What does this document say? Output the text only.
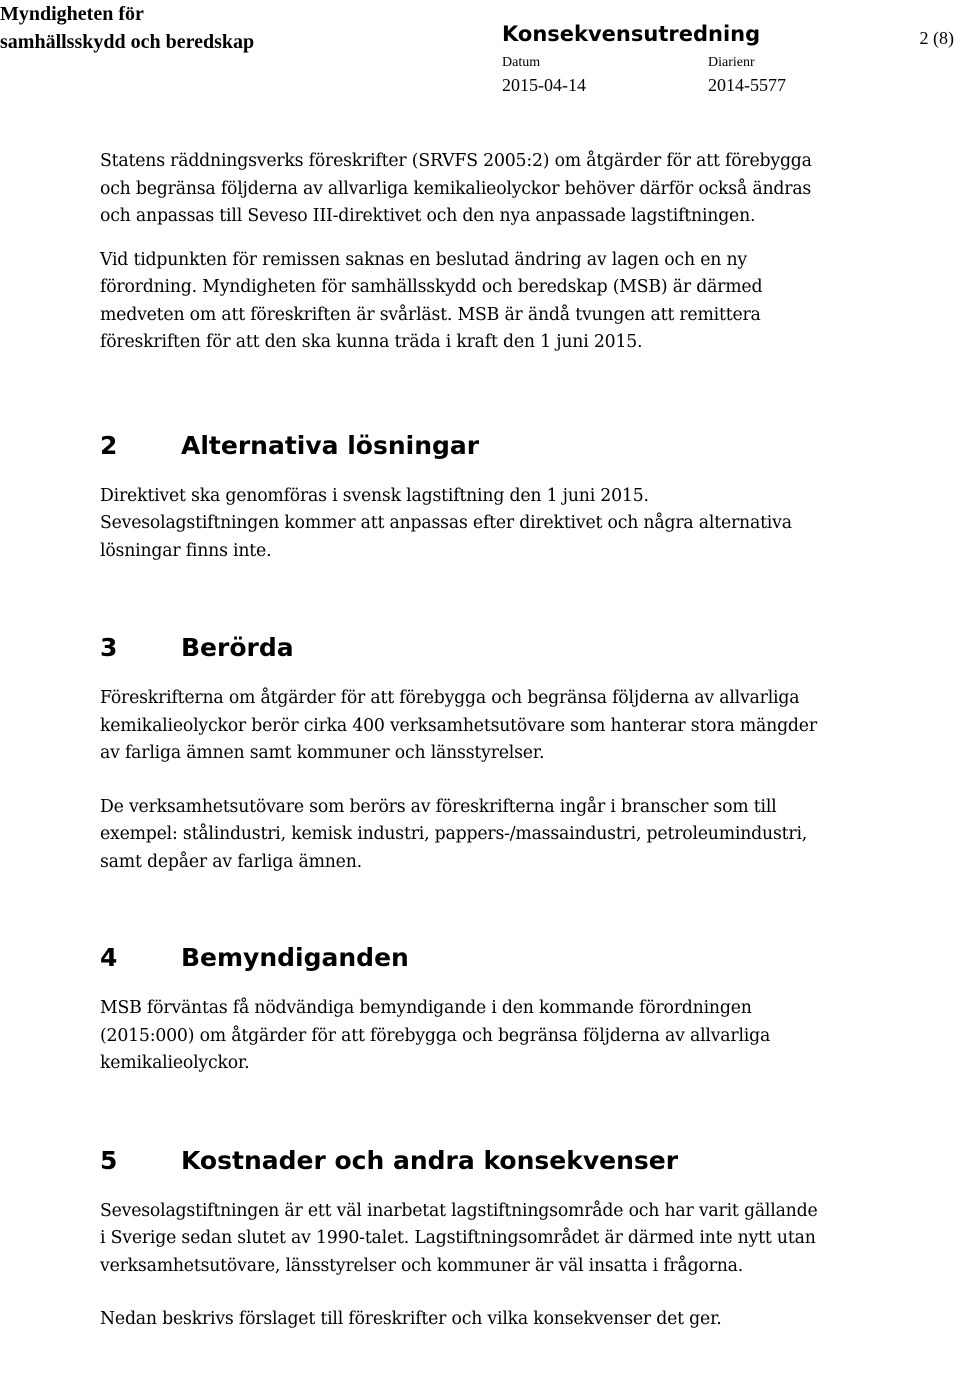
Myndigheten för
samhällsskydd och beredskap	Konsekvensutredning	2 (8)
Datum
2015-04-14
Diarienr
2014-5577

Statens räddningsverks föreskrifter (SRVFS 2005:2) om åtgärder för att förebygga och begränsa följderna av allvarliga kemikalieolyckor behöver därför också ändras och anpassas till Seveso III-direktivet och den nya anpassade lagstiftningen.

Vid tidpunkten för remissen saknas en beslutad ändring av lagen och en ny förordning. Myndigheten för samhällsskydd och beredskap (MSB) är därmed medveten om att föreskriften är svårläst. MSB är ändå tvungen att remittera föreskriften för att den ska kunna träda i kraft den 1 juni 2015.

2	Alternativa lösningar

Direktivet ska genomföras i svensk lagstiftning den 1 juni 2015. Sevesolagstiftningen kommer att anpassas efter direktivet och några alternativa lösningar finns inte.

3	Berörda

Föreskrifterna om åtgärder för att förebygga och begränsa följderna av allvarliga kemikalieolyckor berör cirka 400 verksamhetsutövare som hanterar stora mängder av farliga ämnen samt kommuner och länsstyrelser.

De verksamhetsutövare som berörs av föreskrifterna ingår i branscher som till exempel: stålindustri, kemisk industri, pappers-/massaindustri, petroleumindustri, samt depåer av farliga ämnen.

4	Bemyndiganden

MSB förväntas få nödvändiga bemyndigande i den kommande förordningen (2015:000) om åtgärder för att förebygga och begränsa följderna av allvarliga kemikalieolyckor.

5	Kostnader och andra konsekvenser

Sevesolagstiftningen är ett väl inarbetat lagstiftningsområde och har varit gällande i Sverige sedan slutet av 1990-talet. Lagstiftningsområdet är därmed inte nytt utan verksamhetsutövare, länsstyrelser och kommuner är väl insatta i frågorna.

Nedan beskrivs förslaget till föreskrifter och vilka konsekvenser det ger.
